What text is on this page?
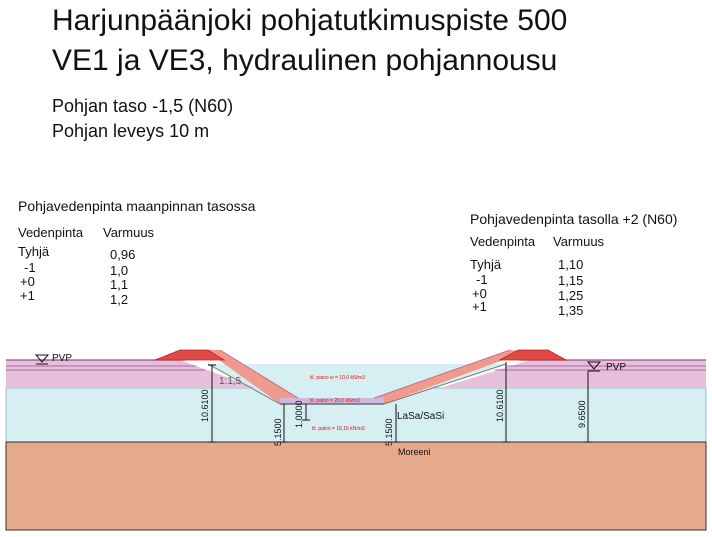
10.6100
5.1500
1.0000
5.1500
10.6100	9.6500
til. paino w = 10,0 kN/m3
til. paino = 20,0 kN/m3
til. paino = 18,15 kN/m3
1:1,5
LaSa/SaSi
Moreeni
PVP
PVP
Harjunpäänjoki pohjatutkimuspiste 500
VE1 ja VE3, hydraulinen pohjannousu
Pohjan taso -1,5 (N60)
Pohjan leveys 10 m
Pohjavedenpinta maanpinnan tasossa
Vedenpinta Varmuus
Tyhjä	0,96
-1	1,0
+0	1,1
+1	1,2
Pohjavedenpinta tasolla +2 (N60)
Vedenpinta Varmuus
Tyhjä	1,10
-1	1,15
+0	1,25
+1	1,35
